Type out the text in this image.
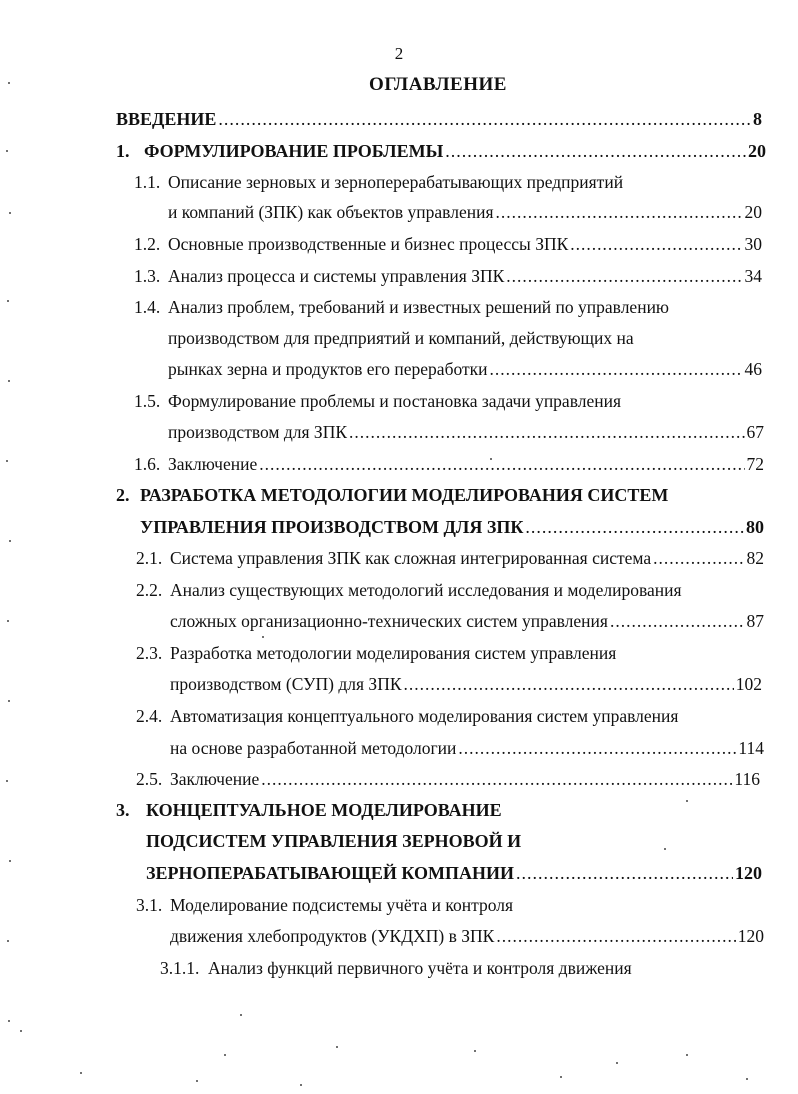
2
ОГЛАВЛЕНИЕ
ВВЕДЕНИЕ .....	8
1. ФОРМУЛИРОВАНИЕ ПРОБЛЕМЫ .....	20
1.1. Описание зерновых и зерноперерабатывающих предприятий
и компаний (ЗПК) как объектов управления .....	20
1.2. Основные производственные и бизнес процессы ЗПК .....	30
1.3. Анализ процесса и системы управления ЗПК .....	34
1.4. Анализ проблем, требований и известных решений по управлению
производством для предприятий и компаний, действующих на
рынках зерна и продуктов его переработки .....	46
1.5. Формулирование проблемы и постановка задачи управления
производством для ЗПК .....	67
1.6. Заключение .....	72
2. РАЗРАБОТКА МЕТОДОЛОГИИ МОДЕЛИРОВАНИЯ СИСТЕМ
УПРАВЛЕНИЯ ПРОИЗВОДСТВОМ ДЛЯ ЗПК .....	80
2.1. Система управления ЗПК как сложная интегрированная система .....	82
2.2. Анализ существующих методологий исследования и моделирования
сложных организационно-технических систем управления .....	87
2.3. Разработка методологии моделирования систем управления
производством (СУП) для ЗПК .....	102
2.4. Автоматизация концептуального моделирования систем управления
на основе разработанной методологии .....	114
2.5. Заключение .....	116
3. КОНЦЕПТУАЛЬНОЕ МОДЕЛИРОВАНИЕ
ПОДСИСТЕМ УПРАВЛЕНИЯ ЗЕРНОВОЙ И
ЗЕРНОПЕРАБАТЫВАЮЩЕЙ КОМПАНИИ .....	120
3.1. Моделирование подсистемы учёта и контроля
движения хлебопродуктов (УКДХП) в ЗПК .....	120
3.1.1. Анализ функций первичного учёта и контроля движения
